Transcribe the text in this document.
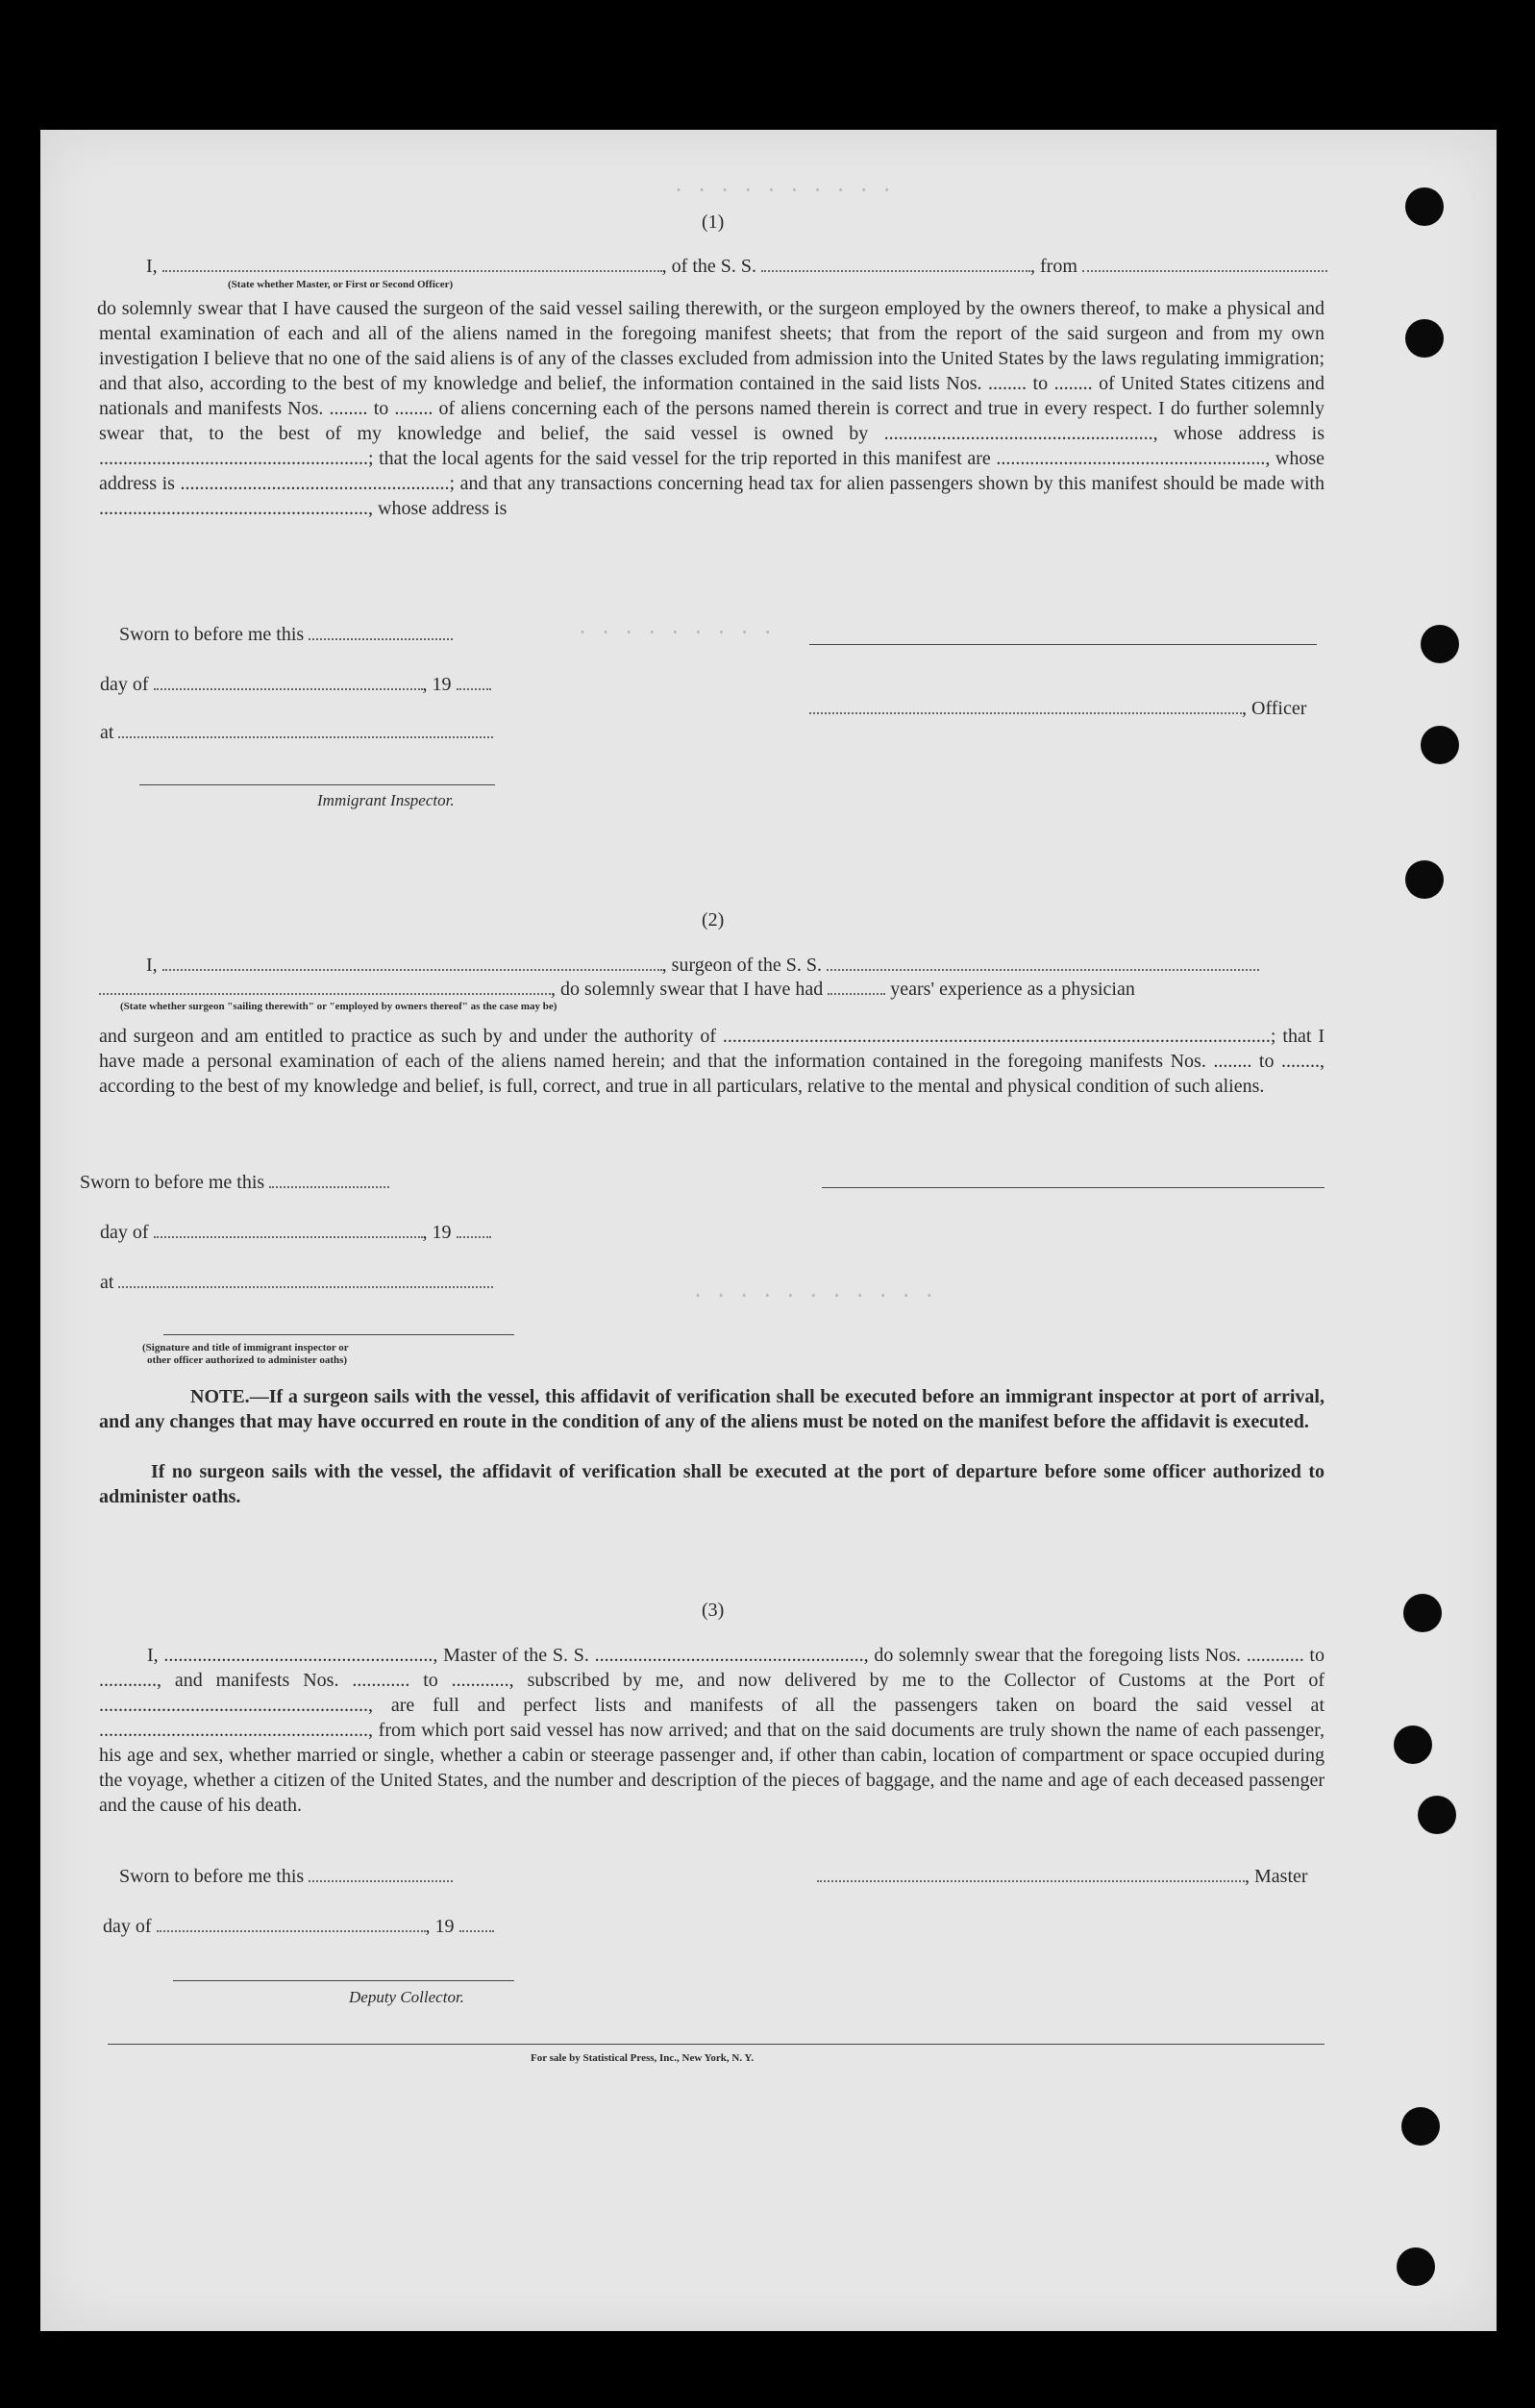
. . . . . . . . . .
. . . . . . . . .
. . . . . . . . . . .
(1)
I,	, of the S. S.	, from
(State whether Master, or First or Second Officer)
do solemnly swear that I have caused the surgeon of the said vessel sailing therewith, or the surgeon employed by the owners thereof, to make a physical and mental examination of each and all of the aliens named in the foregoing manifest sheets; that from the report of the said surgeon and from my own investigation I believe that no one of the said aliens is of any of the classes excluded from admission into the United States by the laws regulating immigration; and that also, according to the best of my knowledge and belief, the information contained in the said lists Nos. ........ to ........ of United States citizens and nationals and manifests Nos. ........ to ........ of aliens concerning each of the persons named therein is correct and true in every respect. I do further solemnly swear that, to the best of my knowledge and belief, the said vessel is owned by ........................................................, whose address is ........................................................; that the local agents for the said vessel for the trip reported in this manifest are ........................................................, whose address is ........................................................; and that any transactions concerning head tax for alien passengers shown by this manifest should be made with ........................................................, whose address is
Sworn to before me this
day of	, 19
at
, Officer
Immigrant Inspector.
(2)
I,	, surgeon of the S. S.
, do solemnly swear that I have had	years' experience as a physician
(State whether surgeon "sailing therewith" or "employed by owners thereof" as the case may be)
and surgeon and am entitled to practice as such by and under the authority of ..................................................................................................................; that I have made a personal examination of each of the aliens named herein; and that the information contained in the foregoing manifests Nos. ........ to ........, according to the best of my knowledge and belief, is full, correct, and true in all particulars, relative to the mental and physical condition of such aliens.
Sworn to before me this
day of	, 19
at
(Signature and title of immigrant inspector or
other officer authorized to administer oaths)
NOTE.—If a surgeon sails with the vessel, this affidavit of verification shall be executed before an immigrant inspector at port of arrival, and any changes that may have occurred en route in the condition of any of the aliens must be noted on the manifest before the affidavit is executed.
If no surgeon sails with the vessel, the affidavit of verification shall be executed at the port of departure before some officer authorized to administer oaths.
(3)
I, ........................................................, Master of the S. S. ........................................................, do solemnly swear that the foregoing lists Nos. ............ to ............, and manifests Nos. ............ to ............, subscribed by me, and now delivered by me to the Collector of Customs at the Port of ........................................................, are full and perfect lists and manifests of all the passengers taken on board the said vessel at ........................................................, from which port said vessel has now arrived; and that on the said documents are truly shown the name of each passenger, his age and sex, whether married or single, whether a cabin or steerage passenger and, if other than cabin, location of compartment or space occupied during the voyage, whether a citizen of the United States, and the number and description of the pieces of baggage, and the name and age of each deceased passenger and the cause of his death.
Sworn to before me this	, Master
day of	, 19
Deputy Collector.
For sale by Statistical Press, Inc., New York, N. Y.
